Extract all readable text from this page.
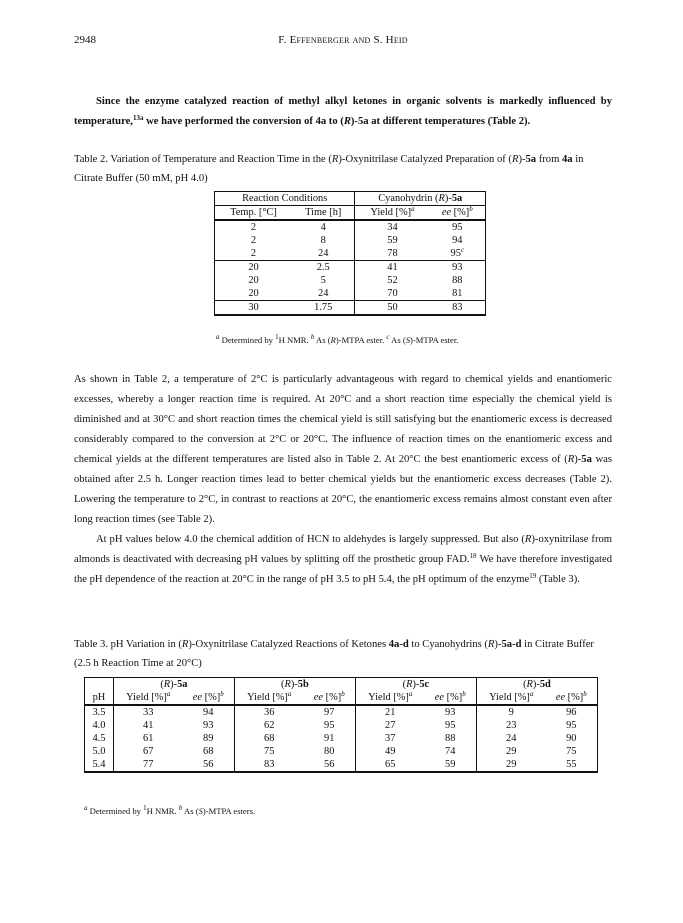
2948	F. Effenberger and S. Heid

Since the enzyme catalyzed reaction of methyl alkyl ketones in organic solvents is markedly influenced by temperature,$^{13a}$ we have performed the conversion of 4a to (R)-5a at different temperatures (Table 2).

Table 2. Variation of Temperature and Reaction Time in the (R)-Oxynitrilase Catalyzed Preparation of (R)-5a from 4a in Citrate Buffer (50 mM, pH 4.0)
Reaction Conditions		Cyanohydrin (R)-5a	
Temp. [°C]	Time [h]	Yield [%]$^a$	ee [%]$^b$
2	4	34	95
2	8	59	94
2	24	78	95$^c$
20	2.5	41	93
20	5	52	88
20	24	70	81
30	1.75	50	83
$^a$ Determined by $^1$H NMR. $^b$ As (R)-MTPA ester. $^c$ As (S)-MTPA ester.

As shown in Table 2, a temperature of 2°C is particularly advantageous with regard to chemical yields and enantiomeric excesses, whereby a longer reaction time is required. At 20°C and a short reaction time especially the chemical yield is diminished and at 30°C and short reaction times the chemical yield is still satisfying but the enantiomeric excess is decreased considerably compared to the conversion at 2°C or 20°C. The influence of reaction times on the enantiomeric excess and chemical yields at the different temperatures are listed also in Table 2. At 20°C the best enantiomeric excess of (R)-5a was obtained after 2.5 h. Longer reaction times lead to better chemical yields but the enantiomeric excess decreases (Table 2). Lowering the temperature to 2°C, in contrast to reactions at 20°C, the enantiomeric excess remains almost constant even after long reaction times (see Table 2).

At pH values below 4.0 the chemical addition of HCN to aldehydes is largely suppressed. But also (R)-oxynitrilase from almonds is deactivated with decreasing pH values by splitting off the prosthetic group FAD.$^{18}$ We have therefore investigated the pH dependence of the reaction at 20°C in the range of pH 3.5 to pH 5.4, the pH optimum of the enzyme$^{19}$ (Table 3).

Table 3. pH Variation in (R)-Oxynitrilase Catalyzed Reactions of Ketones 4a-d to Cyanohydrins (R)-5a-d in Citrate Buffer (2.5 h Reaction Time at 20°C)
	(R)-5a		(R)-5b		(R)-5c		(R)-5d	
pH	Yield [%]$^a$	ee [%]$^b$	Yield [%]$^a$	ee [%]$^b$	Yield [%]$^a$	ee [%]$^b$	Yield [%]$^a$	ee [%]$^b$
3.5	33	94	36	97	21	93	9	96
4.0	41	93	62	95	27	95	23	95
4.5	61	89	68	91	37	88	24	90
5.0	67	68	75	80	49	74	29	75
5.4	77	56	83	56	65	59	29	55
$^a$ Determined by $^1$H NMR. $^b$ As (S)-MTPA esters.
